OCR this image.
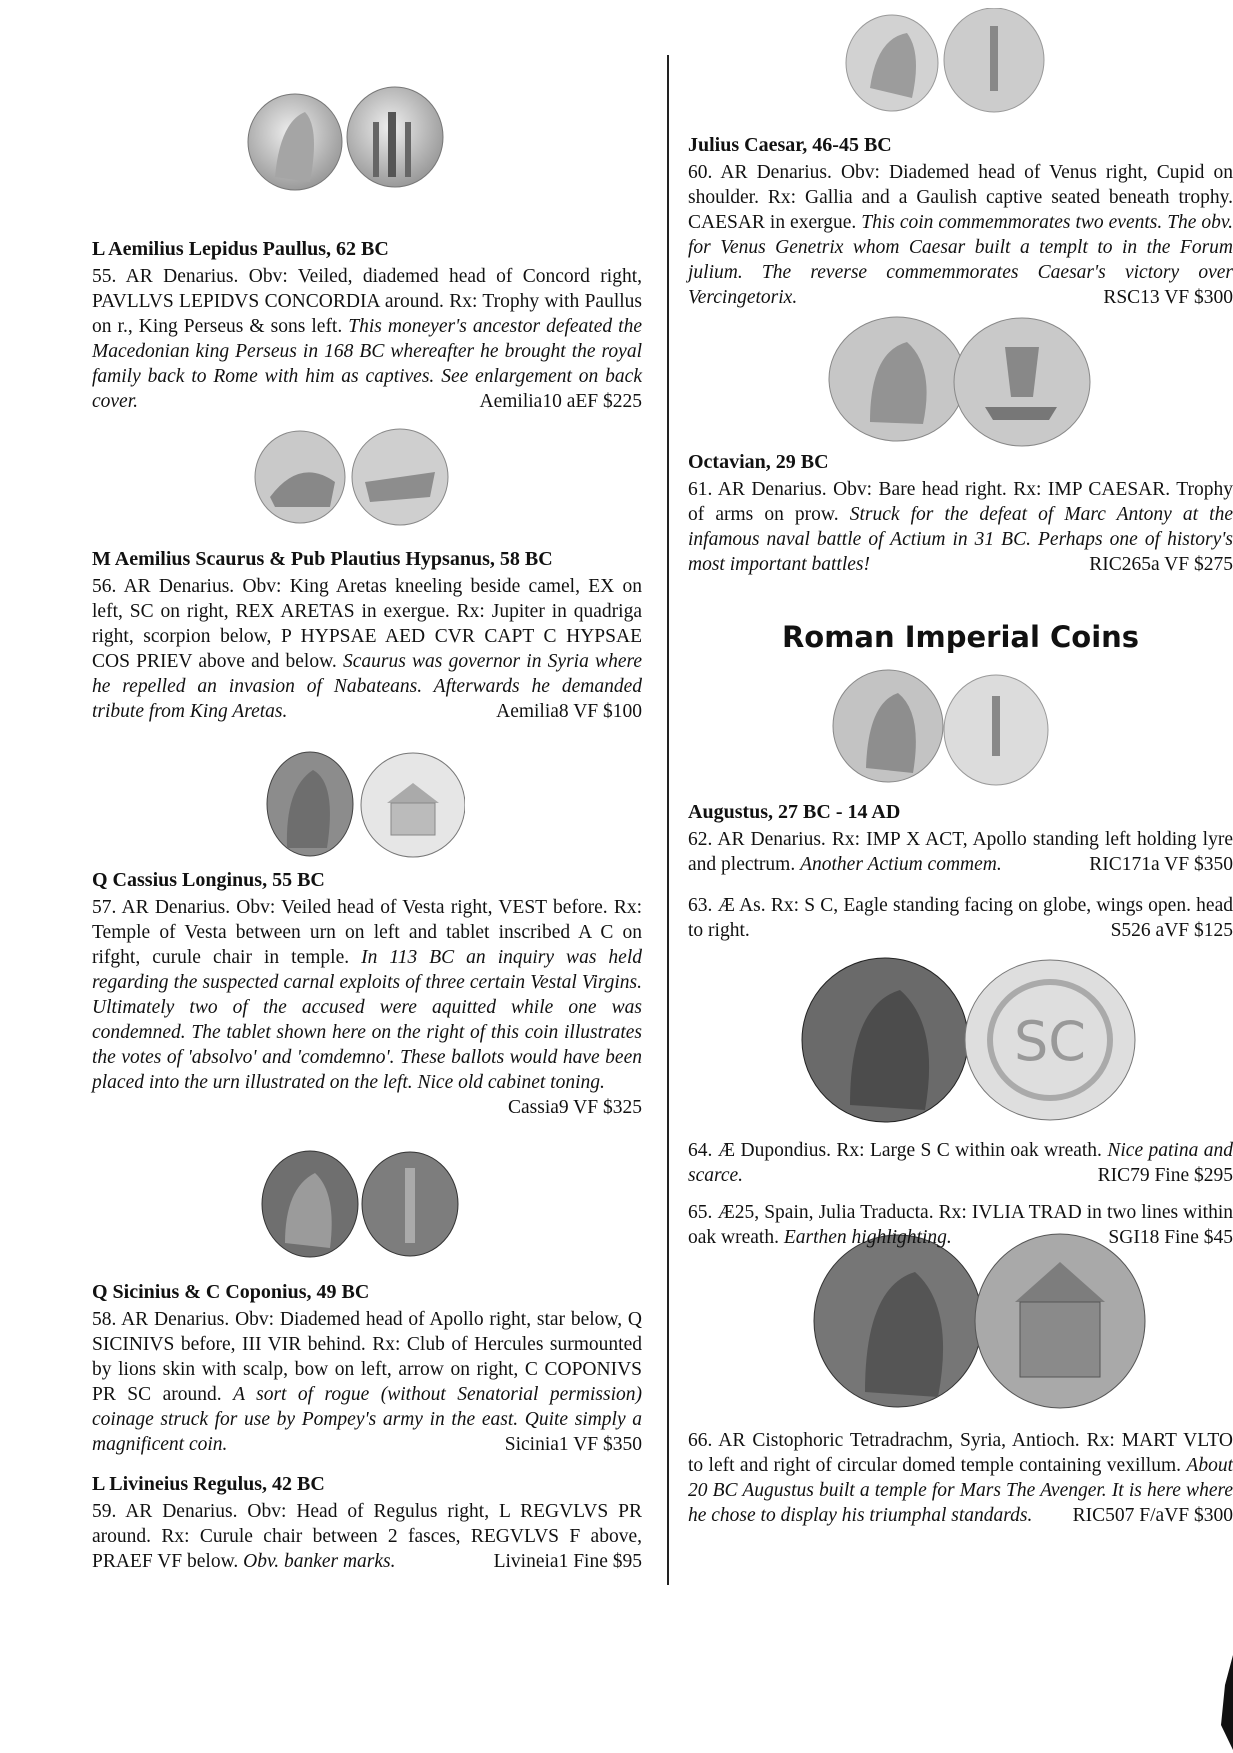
SC
L Aemilius Lepidus Paullus, 62 BC
55. AR Denarius. Obv: Veiled, diademed head of Concord right, PAVLLVS LEPIDVS CONCORDIA around. Rx: Trophy with Paullus on r., King Perseus & sons left. This moneyer's ancestor defeated the Macedonian king Perseus in 168 BC whereafter he brought the royal family back to Rome with him as captives. See enlargement on back cover.	Aemilia10 aEF $225
M Aemilius Scaurus & Pub Plautius Hypsanus, 58 BC
56. AR Denarius. Obv: King Aretas kneeling beside camel, EX on left, SC on right, REX ARETAS in exergue. Rx: Jupiter in quadriga right, scorpion below, P HYPSAE AED CVR CAPT C HYPSAE COS PRIEV above and below. Scaurus was governor in Syria where he repelled an invasion of Nabateans. Afterwards he demanded tribute from King Aretas.	Aemilia8 VF $100
Q Cassius Longinus, 55 BC
57. AR Denarius. Obv: Veiled head of Vesta right, VEST before. Rx: Temple of Vesta between urn on left and tablet inscribed A C on rifght, curule chair in temple. In 113 BC an inquiry was held regarding the suspected carnal exploits of three certain Vestal Virgins. Ultimately two of the accused were aquitted while one was condemned. The tablet shown here on the right of this coin illustrates the votes of 'absolvo' and 'comdemno'. These ballots would have been placed into the urn illustrated on the left. Nice old cabinet toning.
Cassia9 VF $325
Q Sicinius & C Coponius, 49 BC
58. AR Denarius. Obv: Diademed head of Apollo right, star below, Q SICINIVS before, III VIR behind. Rx: Club of Hercules surmounted by lions skin with scalp, bow on left, arrow on right, C COPONIVS PR SC around. A sort of rogue (without Senatorial permission) coinage struck for use by Pompey's army in the east. Quite simply a magnificent coin.	Sicinia1 VF $350
L Livineius Regulus, 42 BC
59. AR Denarius. Obv: Head of Regulus right, L REGVLVS PR around. Rx: Curule chair between 2 fasces, REGVLVS F above, PRAEF VF below. Obv. banker marks.	Livineia1 Fine $95
Julius Caesar, 46-45 BC
60. AR Denarius. Obv: Diademed head of Venus right, Cupid on shoulder. Rx: Gallia and a Gaulish captive seated beneath trophy. CAESAR in exergue. This coin commemmorates two events. The obv. for Venus Genetrix whom Caesar built a templt to in the Forum julium. The reverse commemmorates Caesar's victory over Vercingetorix.	RSC13 VF $300
Octavian, 29 BC
61. AR Denarius. Obv: Bare head right. Rx: IMP CAESAR. Trophy of arms on prow. Struck for the defeat of Marc Antony at the infamous naval battle of Actium in 31 BC. Perhaps one of history's most important battles!	RIC265a VF $275
Roman Imperial Coins
Augustus, 27 BC - 14 AD
62. AR Denarius. Rx: IMP X ACT, Apollo standing left holding lyre and plectrum. Another Actium commem.	RIC171a VF $350
63. Æ As. Rx: S C, Eagle standing facing on globe, wings open. head to right.	S526 aVF $125
64. Æ Dupondius. Rx: Large S C within oak wreath. Nice patina and scarce.	RIC79 Fine $295
65. Æ25, Spain, Julia Traducta. Rx: IVLIA TRAD in two lines within oak wreath. Earthen highlighting.	SGI18 Fine $45
66. AR Cistophoric Tetradrachm, Syria, Antioch. Rx: MART VLTO to left and right of circular domed temple containing vexillum. About 20 BC Augustus built a temple for Mars The Avenger. It is here where he chose to display his triumphal standards. RIC507 F/aVF $300
